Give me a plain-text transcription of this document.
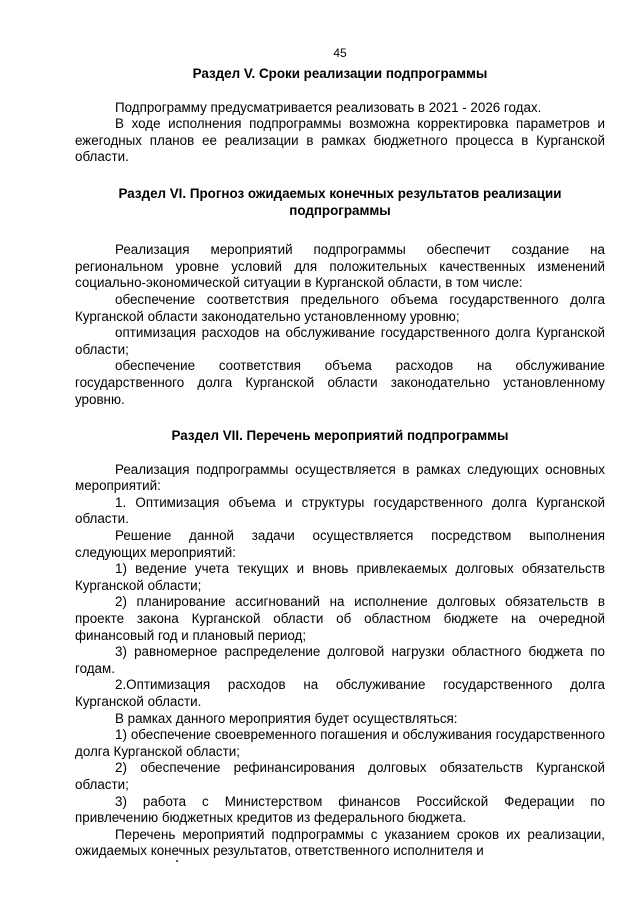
45
Раздел V. Сроки реализации подпрограммы

Подпрограмму предусматривается реализовать в 2021 - 2026 годах.

В ходе исполнения подпрограммы возможна корректировка параметров и ежегодных планов ее реализации в рамках бюджетного процесса в Курганской области.

Раздел VI. Прогноз ожидаемых конечных результатов реализации подпрограммы

Реализация мероприятий подпрограммы обеспечит создание на региональном уровне условий для положительных качественных изменений социально-экономической ситуации в Курганской области, в том числе:

обеспечение соответствия предельного объема государственного долга Курганской области законодательно установленному уровню;

оптимизация расходов на обслуживание государственного долга Курганской области;

обеспечение соответствия объема расходов на обслуживание государственного долга Курганской области законодательно установленному уровню.

Раздел VII. Перечень мероприятий подпрограммы

Реализация подпрограммы осуществляется в рамках следующих основных мероприятий:

1. Оптимизация объема и структуры государственного долга Курганской области.

Решение данной задачи осуществляется посредством выполнения следующих мероприятий:

1) ведение учета текущих и вновь привлекаемых долговых обязательств Курганской области;

2) планирование ассигнований на исполнение долговых обязательств в проекте закона Курганской области об областном бюджете на очередной финансовый год и плановый период;

3) равномерное распределение долговой нагрузки областного бюджета по годам.

2.Оптимизация расходов на обслуживание государственного долга Курганской области.

В рамках данного мероприятия будет осуществляться:

1) обеспечение своевременного погашения и обслуживания государственного долга Курганской области;

2) обеспечение рефинансирования долговых обязательств Курганской области;

3) работа с Министерством финансов Российской Федерации по привлечению бюджетных кредитов из федерального бюджета.

Перечень мероприятий подпрограммы с указанием сроков их реализации, ожидаемых конечных результатов, ответственного исполнителя и
